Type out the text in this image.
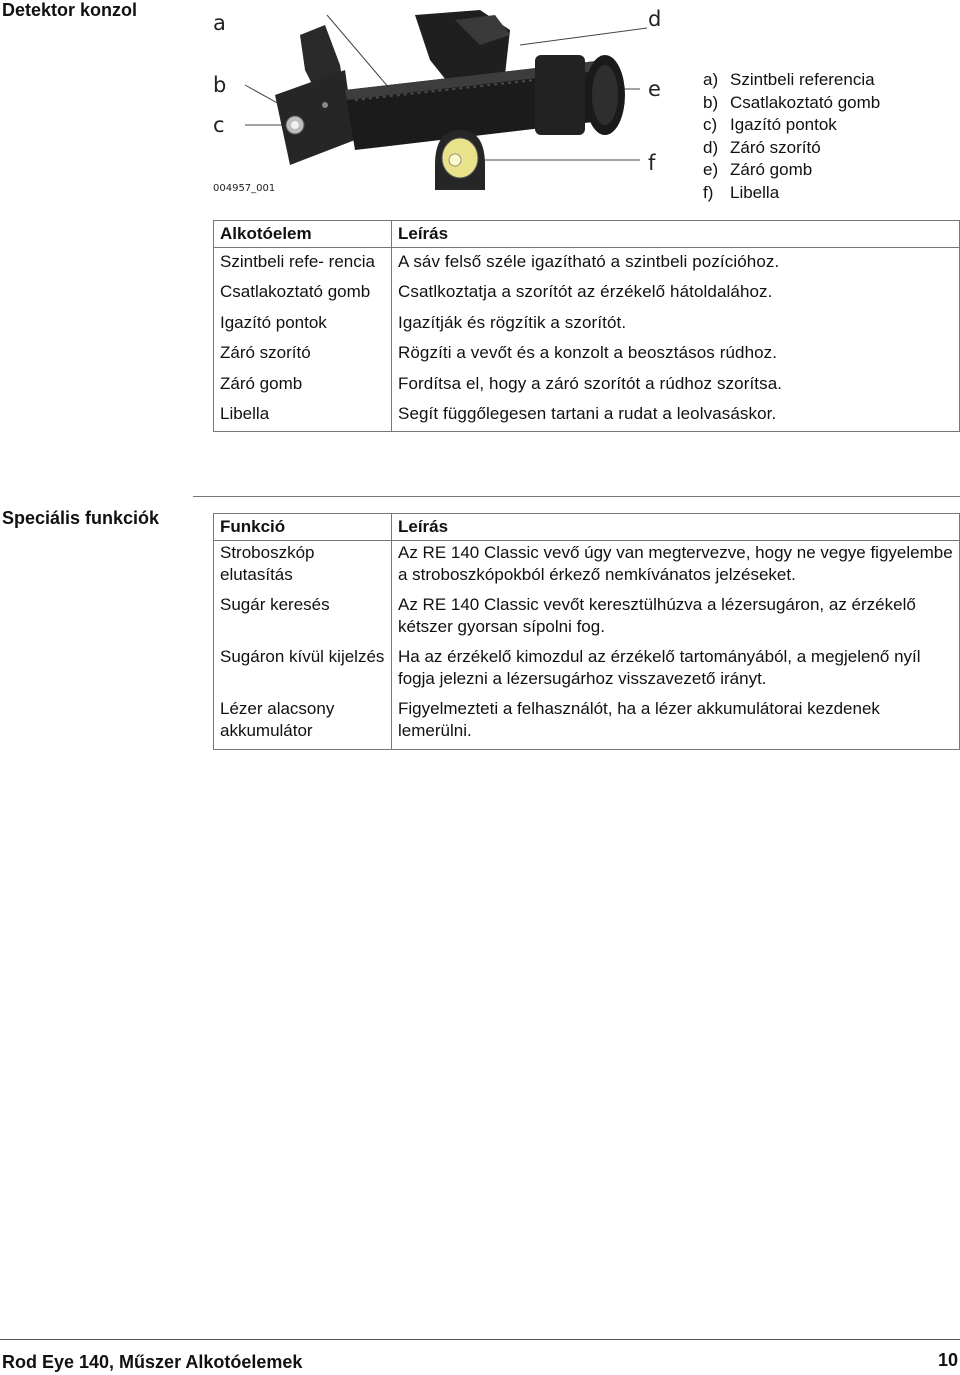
Detektor konzol
a
b
c
d
e
f
004957_001
a) Szintbeli referencia
b) Csatlakoztató gomb
c) Igazító pontok
d) Záró szorító
e) Záró gomb
f) Libella
Alkotóelem	Leírás
Szintbeli refe- rencia	A sáv felső széle igazítható a szintbeli pozícióhoz.
Csatlakoztató gomb	Csatlkoztatja a szorítót az érzékelő hátoldalához.
Igazító pontok	Igazítják és rögzítik a szorítót.
Záró szorító	Rögzíti a vevőt és a konzolt a beosztásos rúdhoz.
Záró gomb	Fordítsa el, hogy a záró szorítót a rúdhoz szorítsa.
Libella	Segít függőlegesen tartani a rudat a leolvasáskor.
Speciális funkciók	Funkció	Leírás
Stroboszkóp elutasítás	Az RE 140 Classic vevő úgy van megtervezve, hogy ne vegye figyelembe a stroboszkópokból érkező nemkívánatos jelzéseket.
Sugár keresés	Az RE 140 Classic vevőt keresztülhúzva a lézersugáron, az érzékelő kétszer gyorsan sípolni fog.
Sugáron kívül kijelzés	Ha az érzékelő kimozdul az érzékelő tartományából, a megjelenő nyíl fogja jelezni a lézersugárhoz visszavezető irányt.
Lézer alacsony akkumulátor	Figyelmezteti a felhasználót, ha a lézer akkumulátorai kezdenek lemerülni.
Rod Eye 140, Műszer Alkotóelemek	10
